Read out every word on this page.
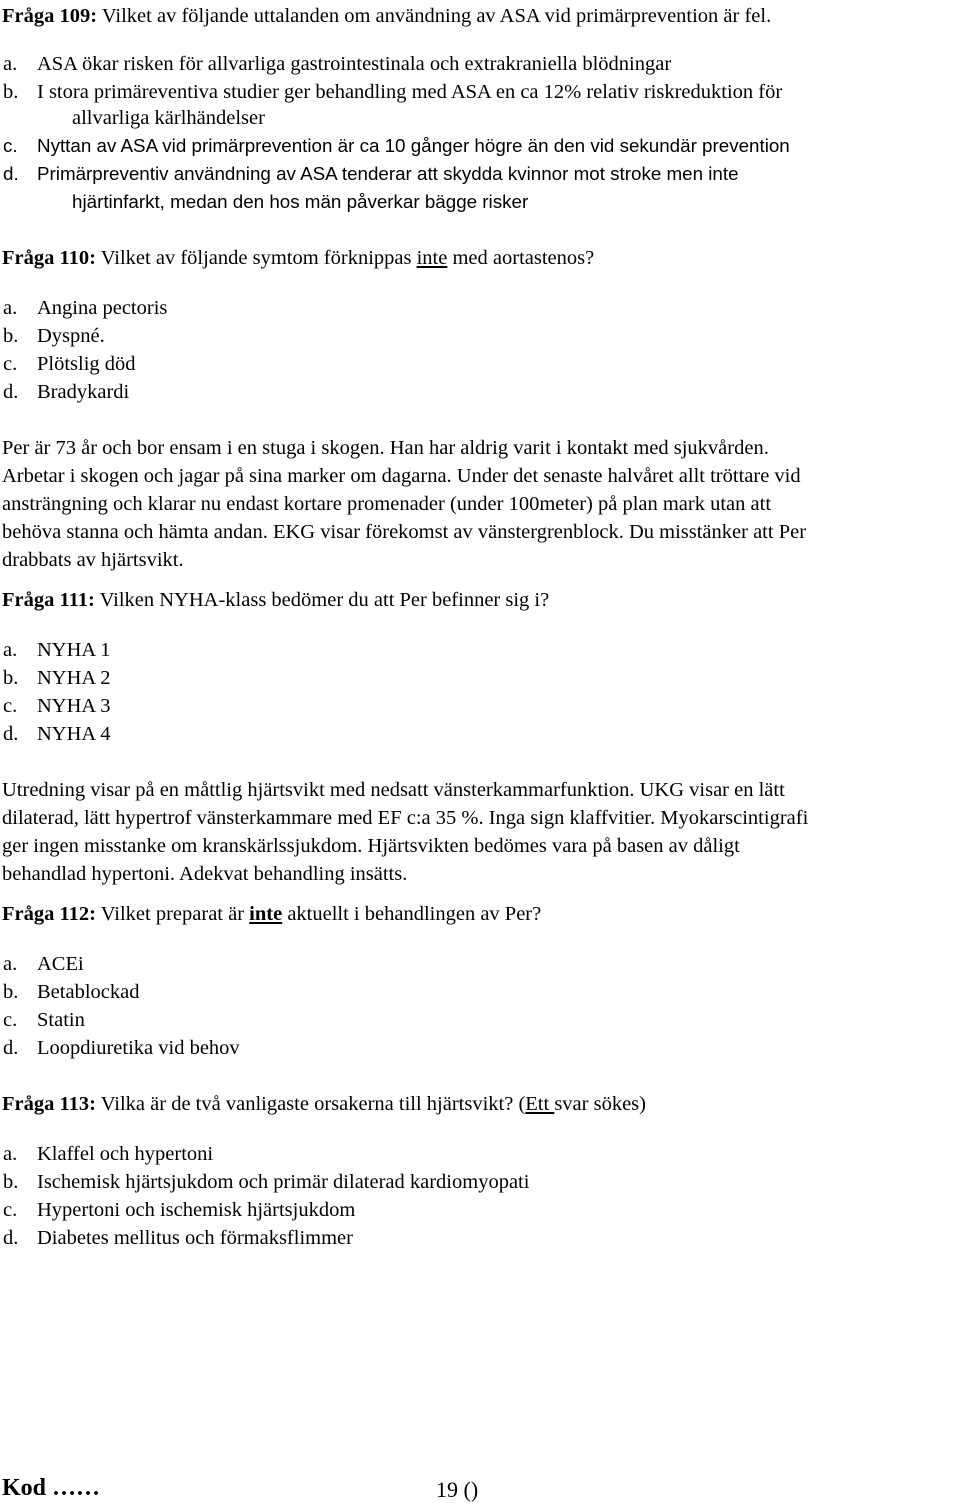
Fråga 109: Vilket av följande uttalanden om användning av ASA vid primärprevention är fel.
a. ASA ökar risken för allvarliga gastrointestinala och extrakraniella blödningar
b. I stora primäreventiva studier ger behandling med ASA en ca 12% relativ riskreduktion för
allvarliga kärlhändelser
c. Nyttan av ASA vid primärprevention är ca 10 gånger högre än den vid sekundär prevention
d. Primärpreventiv användning av ASA tenderar att skydda kvinnor mot stroke men inte
hjärtinfarkt, medan den hos män påverkar bägge risker
Fråga 110: Vilket av följande symtom förknippas inte med aortastenos?
a. Angina pectoris
b. Dyspné.
c. Plötslig död
d. Bradykardi
Per är 73 år och bor ensam i en stuga i skogen. Han har aldrig varit i kontakt med sjukvården.
Arbetar i skogen och jagar på sina marker om dagarna. Under det senaste halvåret allt tröttare vid
ansträngning och klarar nu endast kortare promenader (under 100meter) på plan mark utan att
behöva stanna och hämta andan. EKG visar förekomst av vänstergrenblock. Du misstänker att Per
drabbats av hjärtsvikt.
Fråga 111: Vilken NYHA-klass bedömer du att Per befinner sig i?
a. NYHA 1
b. NYHA 2
c. NYHA 3
d. NYHA 4
Utredning visar på en måttlig hjärtsvikt med nedsatt vänsterkammarfunktion. UKG visar en lätt
dilaterad, lätt hypertrof vänsterkammare med EF c:a 35 %. Inga sign klaffvitier. Myokarscintigrafi
ger ingen misstanke om kranskärlssjukdom. Hjärtsvikten bedömes vara på basen av dåligt
behandlad hypertoni. Adekvat behandling insätts.
Fråga 112: Vilket preparat är inte aktuellt i behandlingen av Per?
a. ACEi
b. Betablockad
c. Statin
d. Loopdiuretika vid behov
Fråga 113: Vilka är de två vanligaste orsakerna till hjärtsvikt? (Ett svar sökes)
a. Klaffel och hypertoni
b. Ischemisk hjärtsjukdom och primär dilaterad kardiomyopati
c. Hypertoni och ischemisk hjärtsjukdom
d. Diabetes mellitus och förmaksflimmer
Kod ……	19 ()
